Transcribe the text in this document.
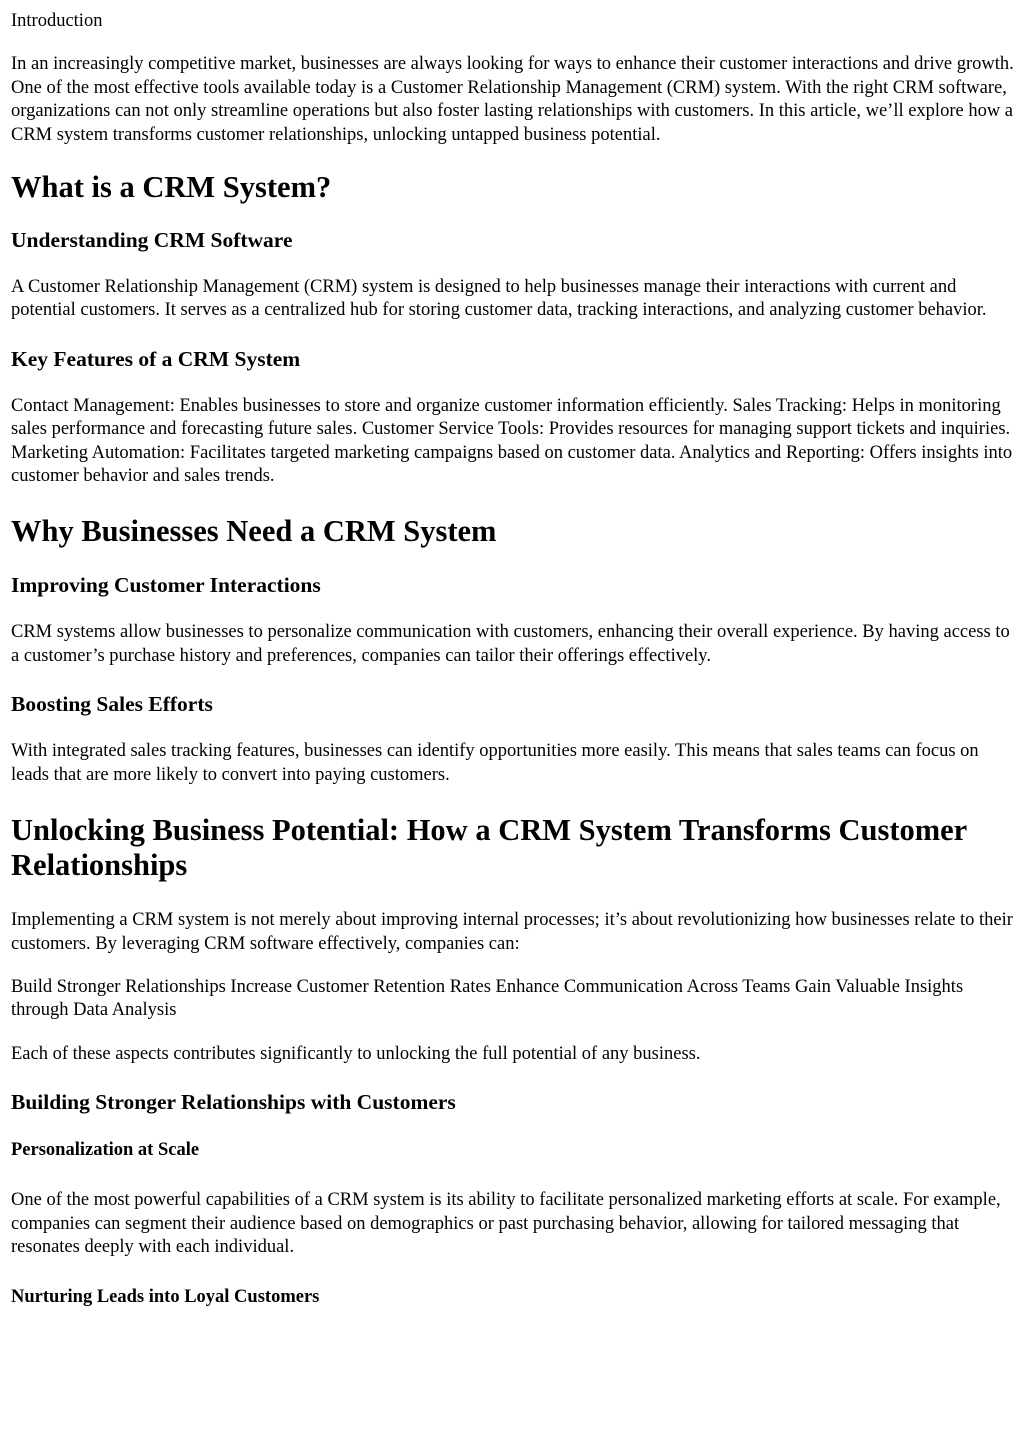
Introduction

In an increasingly competitive market, businesses are always looking for ways to enhance their customer interactions and drive growth. One of the most effective tools available today is a Customer Relationship Management (CRM) system. With the right CRM software, organizations can not only streamline operations but also foster lasting relationships with customers. In this article, we’ll explore how a CRM system transforms customer relationships, unlocking untapped business potential.

What is a CRM System?
Understanding CRM Software

A Customer Relationship Management (CRM) system is designed to help businesses manage their interactions with current and potential customers. It serves as a centralized hub for storing customer data, tracking interactions, and analyzing customer behavior.

Key Features of a CRM System

Contact Management: Enables businesses to store and organize customer information efficiently. Sales Tracking: Helps in monitoring sales performance and forecasting future sales. Customer Service Tools: Provides resources for managing support tickets and inquiries. Marketing Automation: Facilitates targeted marketing campaigns based on customer data. Analytics and Reporting: Offers insights into customer behavior and sales trends.

Why Businesses Need a CRM System
Improving Customer Interactions

CRM systems allow businesses to personalize communication with customers, enhancing their overall experience. By having access to a customer’s purchase history and preferences, companies can tailor their offerings effectively.

Boosting Sales Efforts

With integrated sales tracking features, businesses can identify opportunities more easily. This means that sales teams can focus on leads that are more likely to convert into paying customers.

Unlocking Business Potential: How a CRM System Transforms Customer Relationships

Implementing a CRM system is not merely about improving internal processes; it’s about revolutionizing how businesses relate to their customers. By leveraging CRM software effectively, companies can:

Build Stronger Relationships Increase Customer Retention Rates Enhance Communication Across Teams Gain Valuable Insights through Data Analysis

Each of these aspects contributes significantly to unlocking the full potential of any business.

Building Stronger Relationships with Customers
Personalization at Scale

One of the most powerful capabilities of a CRM system is its ability to facilitate personalized marketing efforts at scale. For example, companies can segment their audience based on demographics or past purchasing behavior, allowing for tailored messaging that resonates deeply with each individual.

Nurturing Leads into Loyal Customers
